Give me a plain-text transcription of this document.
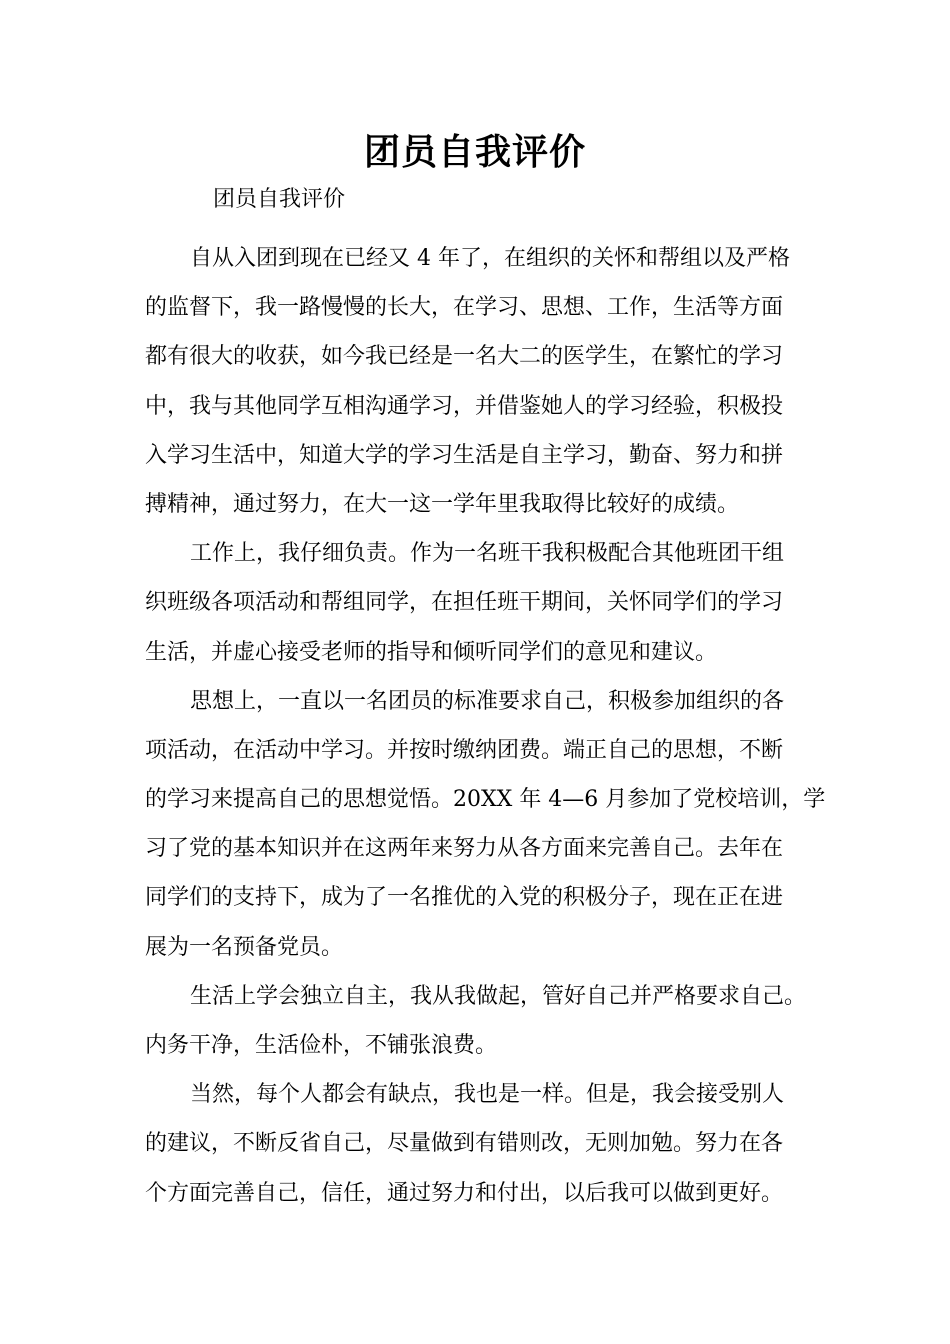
团员自我评价
团员自我评价
自从入团到现在已经又 4 年了，在组织的关怀和帮组以及严格
的监督下，我一路慢慢的长大，在学习、思想、工作，生活等方面
都有很大的收获，如今我已经是一名大二的医学生，在繁忙的学习
中，我与其他同学互相沟通学习，并借鉴她人的学习经验，积极投
入学习生活中，知道大学的学习生活是自主学习，勤奋、努力和拼
搏精神，通过努力，在大一这一学年里我取得比较好的成绩。
工作上，我仔细负责。作为一名班干我积极配合其他班团干组
织班级各项活动和帮组同学，在担任班干期间，关怀同学们的学习
生活，并虚心接受老师的指导和倾听同学们的意见和建议。
思想上，一直以一名团员的标准要求自己，积极参加组织的各
项活动，在活动中学习。并按时缴纳团费。端正自己的思想，不断
的学习来提高自己的思想觉悟。20XX 年 4—6 月参加了党校培训，学
习了党的基本知识并在这两年来努力从各方面来完善自己。去年在
同学们的支持下，成为了一名推优的入党的积极分子，现在正在进
展为一名预备党员。
生活上学会独立自主，我从我做起，管好自己并严格要求自己。
内务干净，生活俭朴，不铺张浪费。
当然，每个人都会有缺点，我也是一样。但是，我会接受别人
的建议，不断反省自己，尽量做到有错则改，无则加勉。努力在各
个方面完善自己，信任，通过努力和付出，以后我可以做到更好。
